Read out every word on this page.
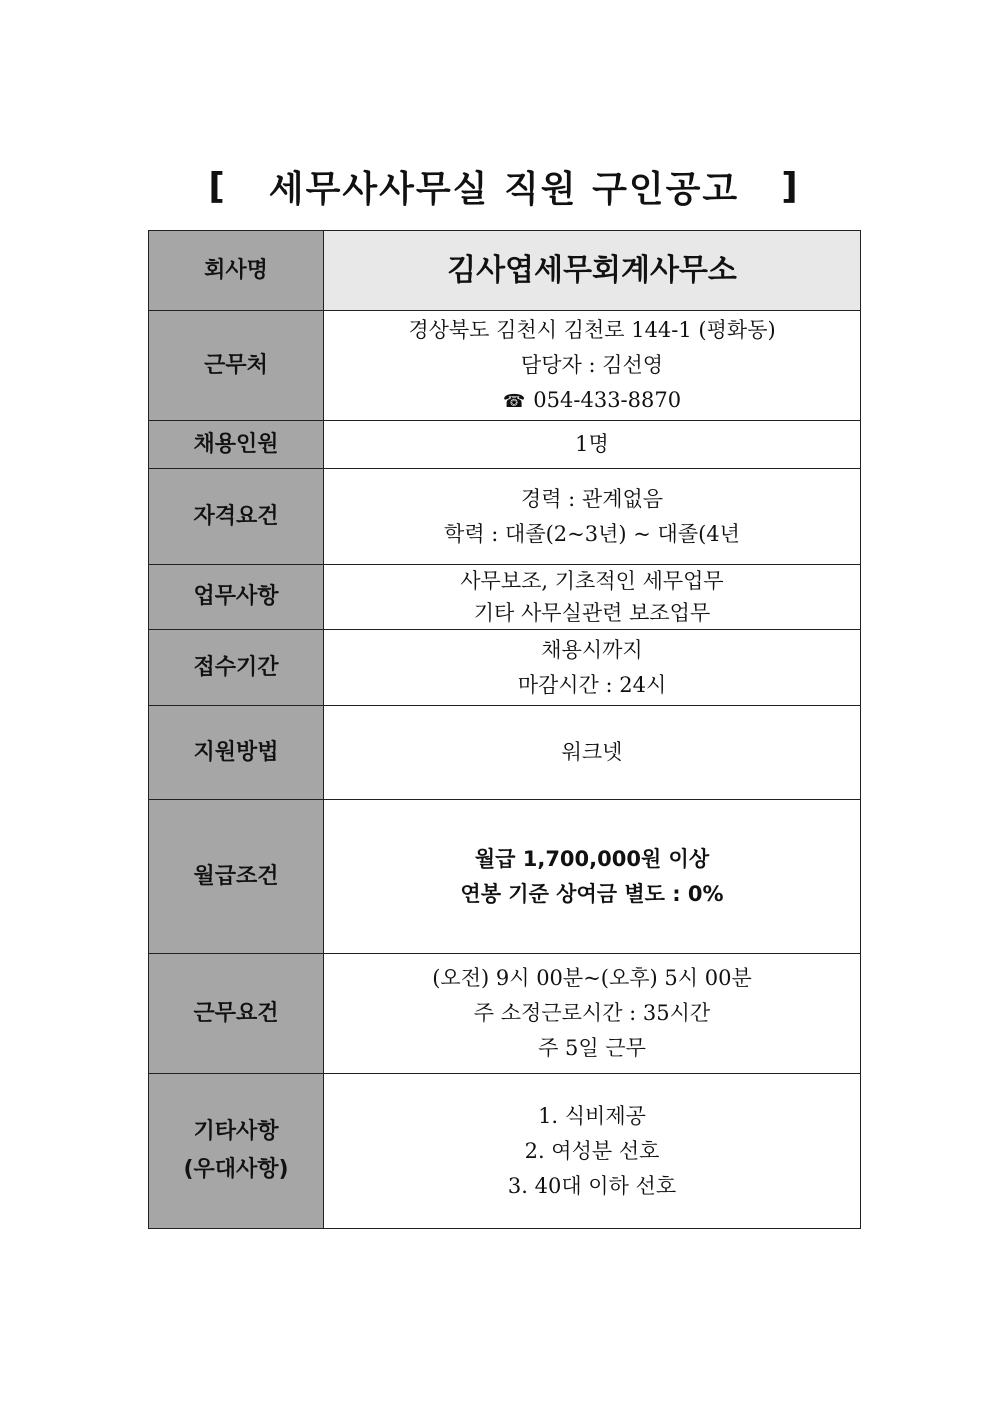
[	세무사사무실 직원 구인공고	]
회사명	김사엽세무회계사무소
근무처	경상북도 김천시 김천로 144-1 (평화동)
담당자 : 김선영
☎ 054-433-8870

채용인원	1명
자격요건	경력 : 관계없음
학력 : 대졸(2~3년) ~ 대졸(4년

업무사항	사무보조, 기초적인 세무업무
기타 사무실관련 보조업무

접수기간	채용시까지
마감시간 : 24시

지원방법	워크넷
월급조건	월급 1,700,000원 이상
연봉 기준 상여금 별도 : 0%

근무요건	(오전) 9시 00분~(오후) 5시 00분
주 소정근로시간 : 35시간
주 5일 근무

기타사항
(우대사항)	1. 식비제공
2. 여성분 선호
3. 40대 이하 선호
